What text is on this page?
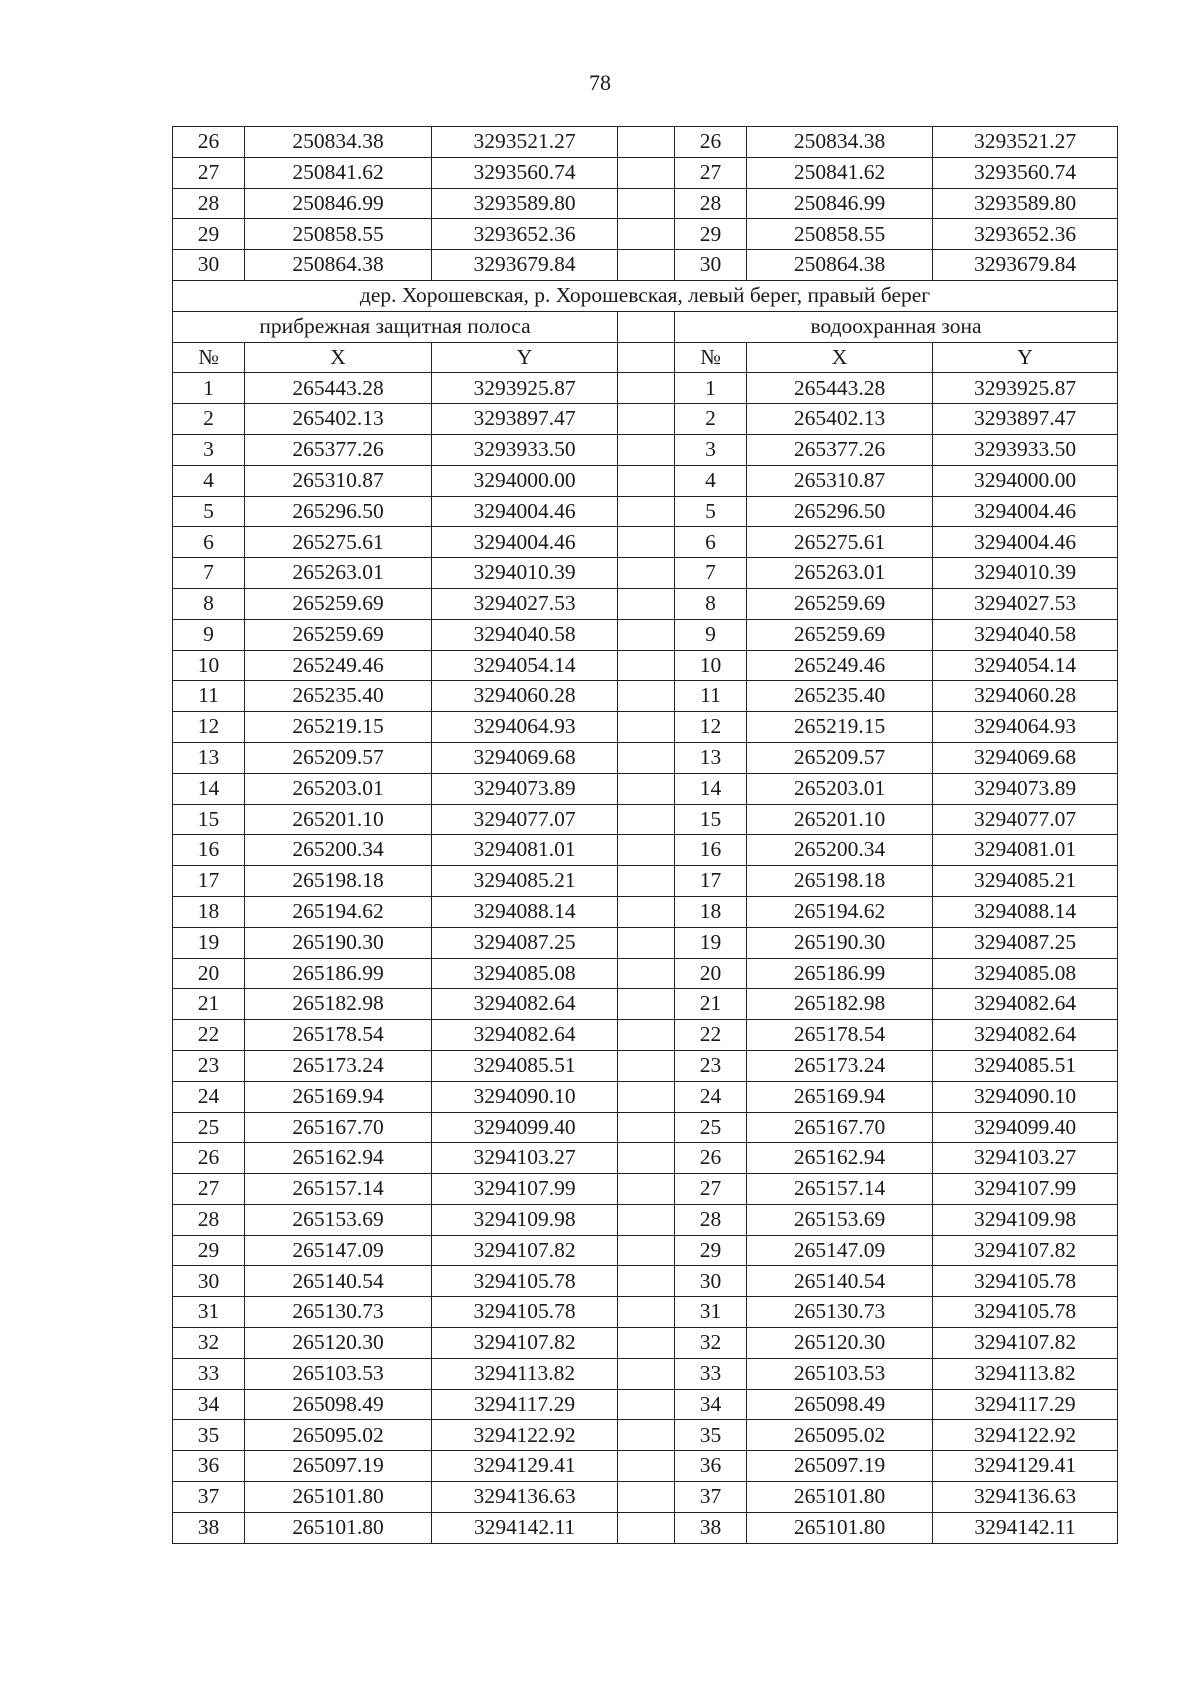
78
26	250834.38	3293521.27		26	250834.38	3293521.27
27	250841.62	3293560.74		27	250841.62	3293560.74
28	250846.99	3293589.80		28	250846.99	3293589.80
29	250858.55	3293652.36		29	250858.55	3293652.36
30	250864.38	3293679.84		30	250864.38	3293679.84
дер. Хорошевская, р. Хорошевская, левый берег, правый берег						
прибрежная защитная полоса				водоохранная зона		
№	X	Y		№	X	Y
1	265443.28	3293925.87		1	265443.28	3293925.87
2	265402.13	3293897.47		2	265402.13	3293897.47
3	265377.26	3293933.50		3	265377.26	3293933.50
4	265310.87	3294000.00		4	265310.87	3294000.00
5	265296.50	3294004.46		5	265296.50	3294004.46
6	265275.61	3294004.46		6	265275.61	3294004.46
7	265263.01	3294010.39		7	265263.01	3294010.39
8	265259.69	3294027.53		8	265259.69	3294027.53
9	265259.69	3294040.58		9	265259.69	3294040.58
10	265249.46	3294054.14		10	265249.46	3294054.14
11	265235.40	3294060.28		11	265235.40	3294060.28
12	265219.15	3294064.93		12	265219.15	3294064.93
13	265209.57	3294069.68		13	265209.57	3294069.68
14	265203.01	3294073.89		14	265203.01	3294073.89
15	265201.10	3294077.07		15	265201.10	3294077.07
16	265200.34	3294081.01		16	265200.34	3294081.01
17	265198.18	3294085.21		17	265198.18	3294085.21
18	265194.62	3294088.14		18	265194.62	3294088.14
19	265190.30	3294087.25		19	265190.30	3294087.25
20	265186.99	3294085.08		20	265186.99	3294085.08
21	265182.98	3294082.64		21	265182.98	3294082.64
22	265178.54	3294082.64		22	265178.54	3294082.64
23	265173.24	3294085.51		23	265173.24	3294085.51
24	265169.94	3294090.10		24	265169.94	3294090.10
25	265167.70	3294099.40		25	265167.70	3294099.40
26	265162.94	3294103.27		26	265162.94	3294103.27
27	265157.14	3294107.99		27	265157.14	3294107.99
28	265153.69	3294109.98		28	265153.69	3294109.98
29	265147.09	3294107.82		29	265147.09	3294107.82
30	265140.54	3294105.78		30	265140.54	3294105.78
31	265130.73	3294105.78		31	265130.73	3294105.78
32	265120.30	3294107.82		32	265120.30	3294107.82
33	265103.53	3294113.82		33	265103.53	3294113.82
34	265098.49	3294117.29		34	265098.49	3294117.29
35	265095.02	3294122.92		35	265095.02	3294122.92
36	265097.19	3294129.41		36	265097.19	3294129.41
37	265101.80	3294136.63		37	265101.80	3294136.63
38	265101.80	3294142.11		38	265101.80	3294142.11
